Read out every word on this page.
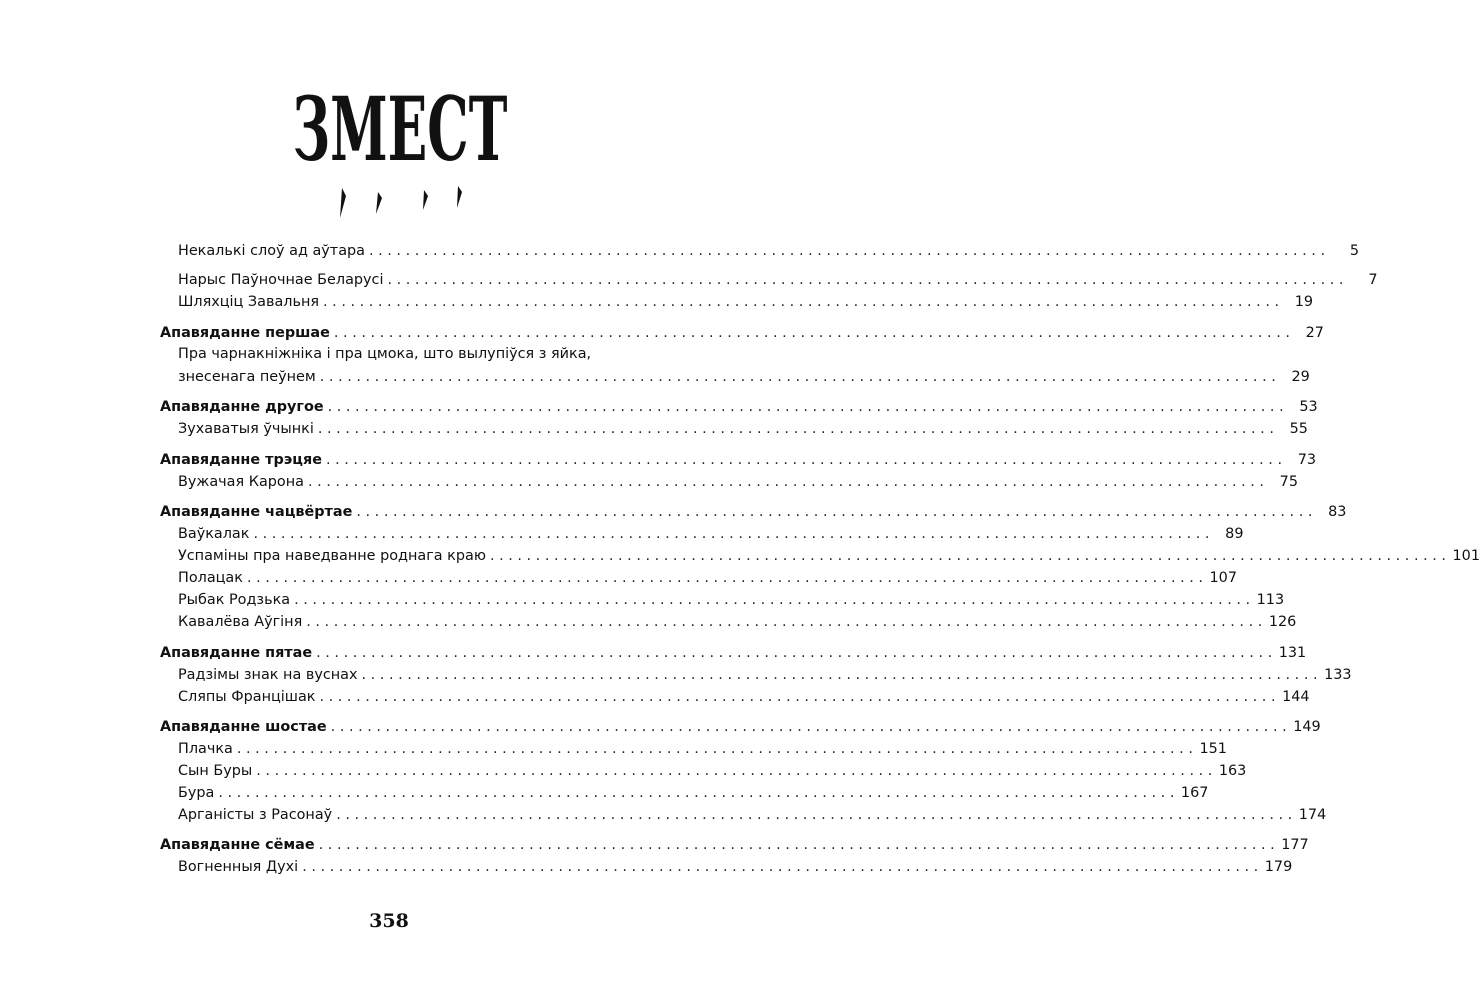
ЗМЕСТ
Некалькі слоў ад аўтара . . .	5
Нарыс Паўночнае Беларусі . . .	7
Шляхціц Завальня . . .	19
Апавяданне першае . . .	27
Пра чарнакніжніка і пра цмока, што вылупіўся з яйка,
знесенага пеўнем . . .	29
Апавяданне другое . . .	53
Зухаватыя ўчынкі . . .	55
Апавяданне трэцяе . . .	73
Вужачая Карона . . .	75
Апавяданне чацвёртае . . .	83
Ваўкалак . . .	89
Успаміны пра наведванне роднага краю . . .	101
Полацак . . .	107
Рыбак Родзька . . .	113
Кавалёва Аўгіня . . .	126
Апавяданне пятае . . .	131
Радзімы знак на вуснах . . .	133
Сляпы Францішак . . .	144
Апавяданне шостае . . .	149
Плачка . . .	151
Сын Буры . . .	163
Бура . . .	167
Арганісты з Расонаў . . .	174
Апавяданне сёмае . . .	177
Вогненныя Духі . . .	179
358
